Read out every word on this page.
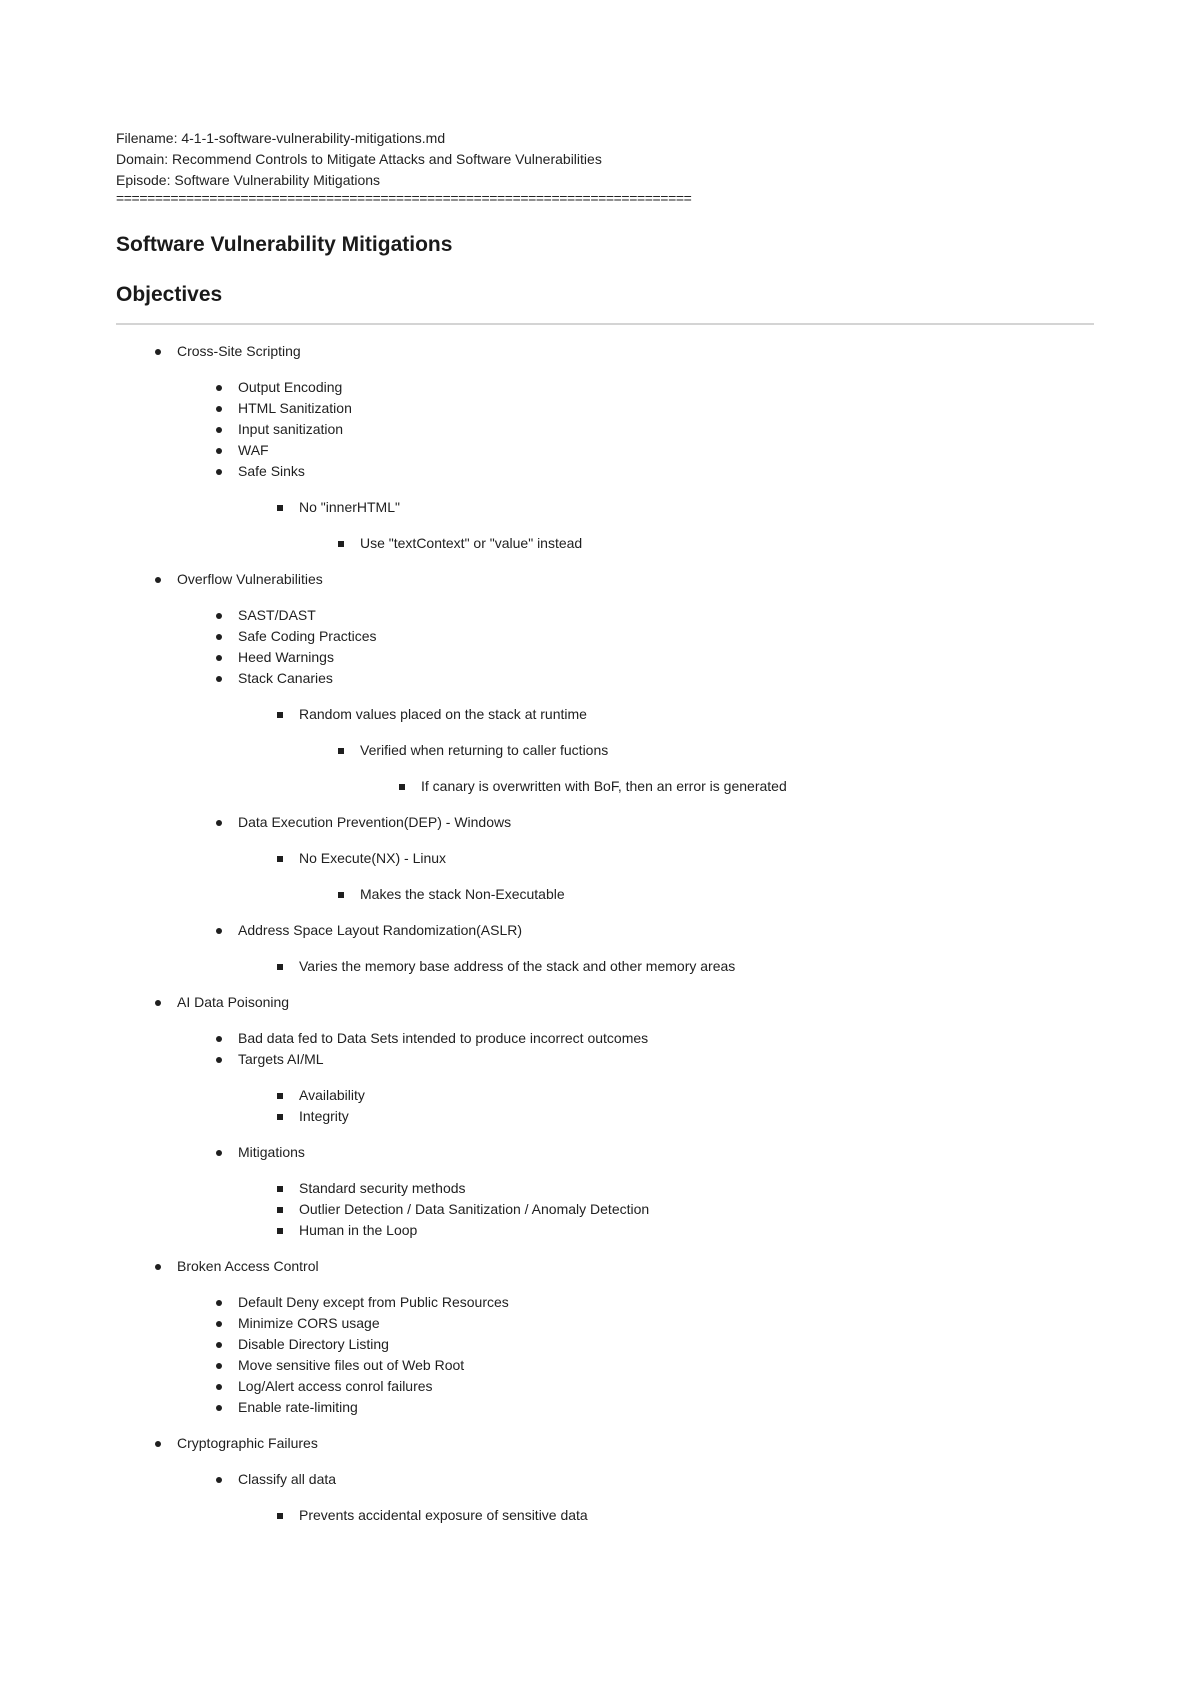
Filename: 4-1-1-software-vulnerability-mitigations.md
Domain: Recommend Controls to Mitigate Attacks and Software Vulnerabilities
Episode: Software Vulnerability Mitigations
==========================================================================
Software Vulnerability Mitigations
Objectives
Cross-Site Scripting
Output Encoding
HTML Sanitization
Input sanitization
WAF
Safe Sinks
No "innerHTML"
Use "textContext" or "value" instead
Overflow Vulnerabilities
SAST/DAST
Safe Coding Practices
Heed Warnings
Stack Canaries
Random values placed on the stack at runtime
Verified when returning to caller fuctions
If canary is overwritten with BoF, then an error is generated
Data Execution Prevention(DEP) - Windows
No Execute(NX) - Linux
Makes the stack Non-Executable
Address Space Layout Randomization(ASLR)
Varies the memory base address of the stack and other memory areas
AI Data Poisoning
Bad data fed to Data Sets intended to produce incorrect outcomes
Targets AI/ML
Availability
Integrity
Mitigations
Standard security methods
Outlier Detection / Data Sanitization / Anomaly Detection
Human in the Loop
Broken Access Control
Default Deny except from Public Resources
Minimize CORS usage
Disable Directory Listing
Move sensitive files out of Web Root
Log/Alert access conrol failures
Enable rate-limiting
Cryptographic Failures
Classify all data
Prevents accidental exposure of sensitive data
